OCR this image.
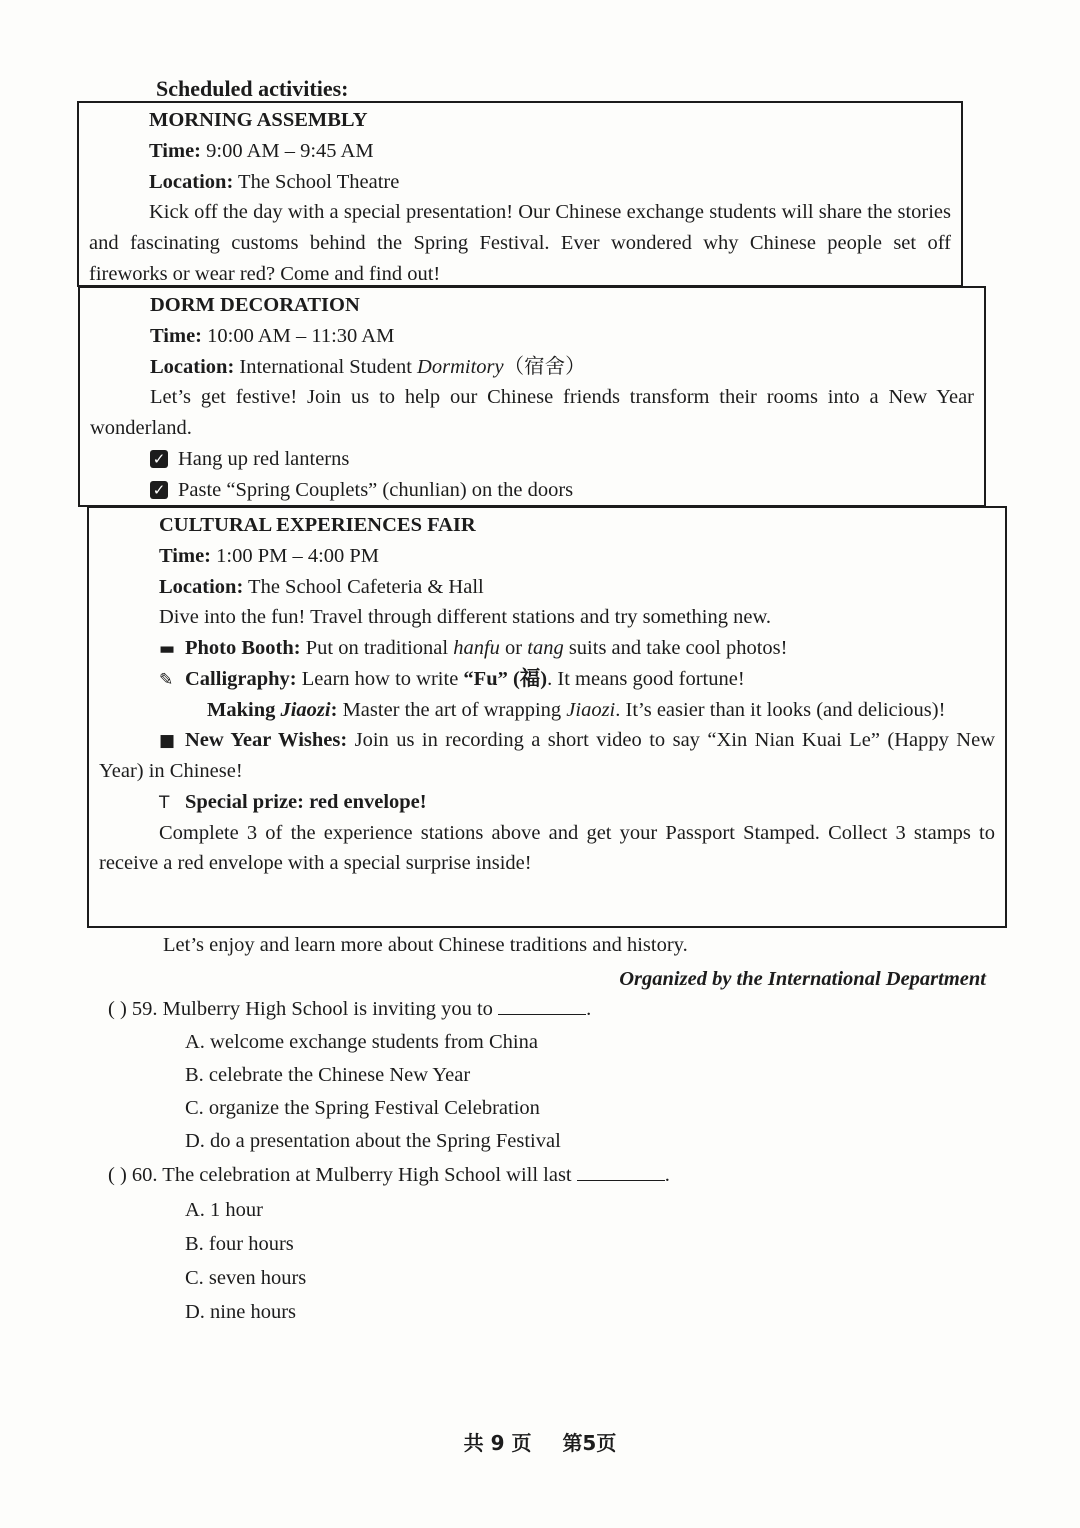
Scheduled activities:

MORNING ASSEMBLY

Time: 9:00 AM – 9:45 AM

Location: The School Theatre

Kick off the day with a special presentation! Our Chinese exchange students will share the stories and fascinating customs behind the Spring Festival. Ever wondered why Chinese people set off fireworks or wear red? Come and find out!

DORM DECORATION

Time: 10:00 AM – 11:30 AM

Location: International Student Dormitory（宿舍）

Let’s get festive! Join us to help our Chinese friends transform their rooms into a New Year wonderland.

✓ Hang up red lanterns

✓ Paste “Spring Couplets” (chunlian) on the doors

CULTURAL EXPERIENCES FAIR

Time: 1:00 PM – 4:00 PM

Location: The School Cafeteria & Hall

Dive into the fun! Travel through different stations and try something new.

▬ Photo Booth: Put on traditional hanfu or tang suits and take cool photos!

✎ Calligraphy: Learn how to write “Fu” (福). It means good fortune!

Making Jiaozi: Master the art of wrapping Jiaozi. It’s easier than it looks (and delicious)!

■ New Year Wishes: Join us in recording a short video to say “Xin Nian Kuai Le” (Happy New Year) in Chinese!

T Special prize: red envelope!

Complete 3 of the experience stations above and get your Passport Stamped. Collect 3 stamps to receive a red envelope with a special surprise inside!

Let’s enjoy and learn more about Chinese traditions and history.
Organized by the International Department
( ) 59. Mulberry High School is inviting you to	.
A. welcome exchange students from China
B. celebrate the Chinese New Year
C. organize the Spring Festival Celebration
D. do a presentation about the Spring Festival
( ) 60. The celebration at Mulberry High School will last	.
A. 1 hour
B. four hours
C. seven hours
D. nine hours
共 9 页 第5页
